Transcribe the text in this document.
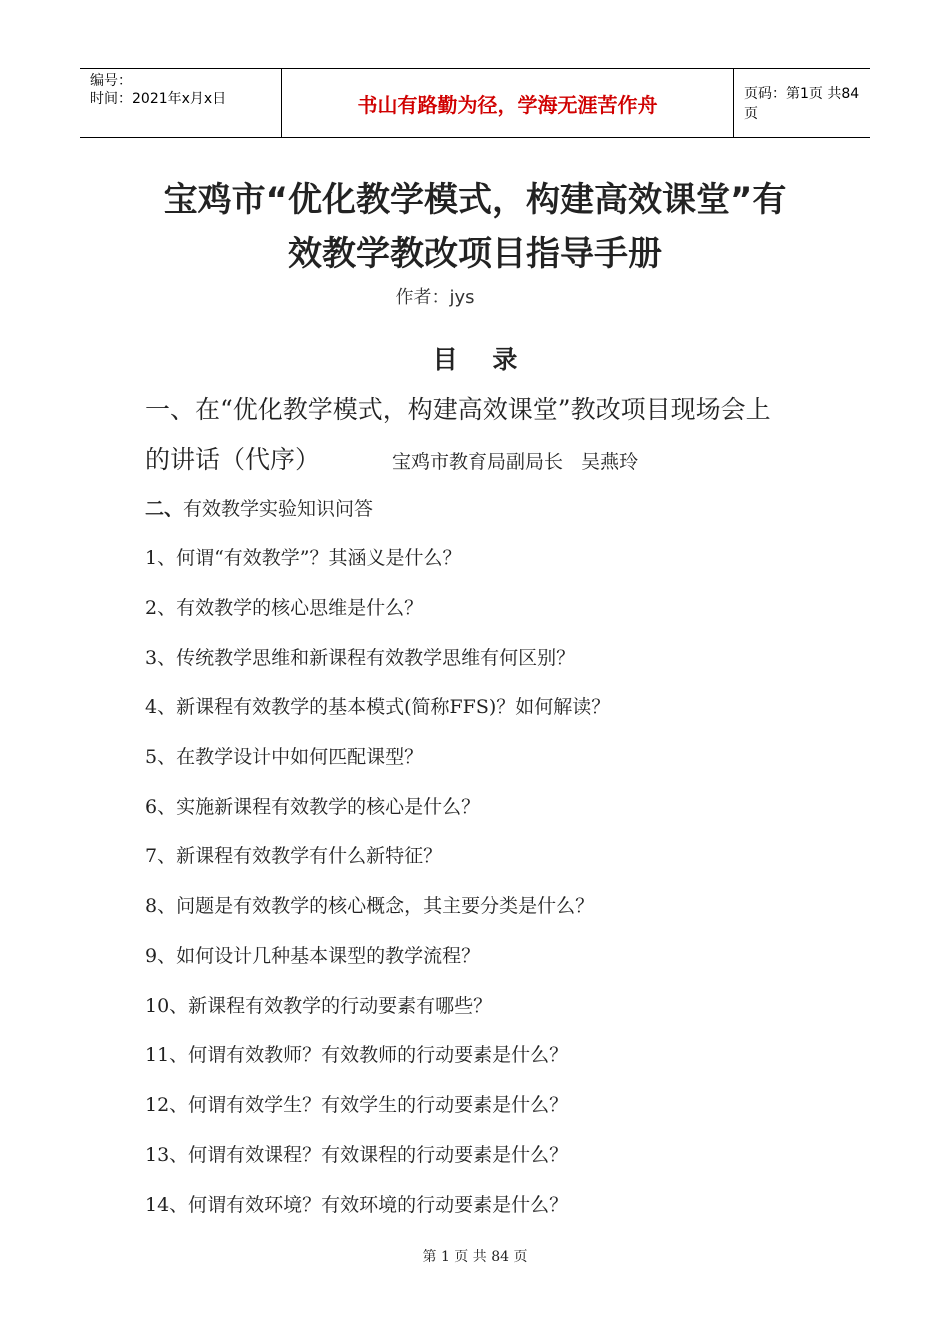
编号：
时间：2021年x月x日	书山有路勤为径，学海无涯苦作舟	页码：第1页 共84页
宝鸡市“优化教学模式，构建高效课堂”有
效教学教改项目指导手册
作者：jys
目    录
一、在“优化教学模式，构建高效课堂”教改项目现场会上
的讲话（代序）	宝鸡市教育局副局长   吴燕玲
二、有效教学实验知识问答
1、何谓“有效教学”？其涵义是什么？
2、有效教学的核心思维是什么？
3、传统教学思维和新课程有效教学思维有何区别？
4、新课程有效教学的基本模式(简称FFS)？如何解读？
5、在教学设计中如何匹配课型？
6、实施新课程有效教学的核心是什么？
7、新课程有效教学有什么新特征？
8、问题是有效教学的核心概念，其主要分类是什么？
9、如何设计几种基本课型的教学流程？
10、新课程有效教学的行动要素有哪些？
11、何谓有效教师？有效教师的行动要素是什么？
12、何谓有效学生？有效学生的行动要素是什么？
13、何谓有效课程？有效课程的行动要素是什么？
14、何谓有效环境？有效环境的行动要素是什么？
第 1 页 共 84 页
